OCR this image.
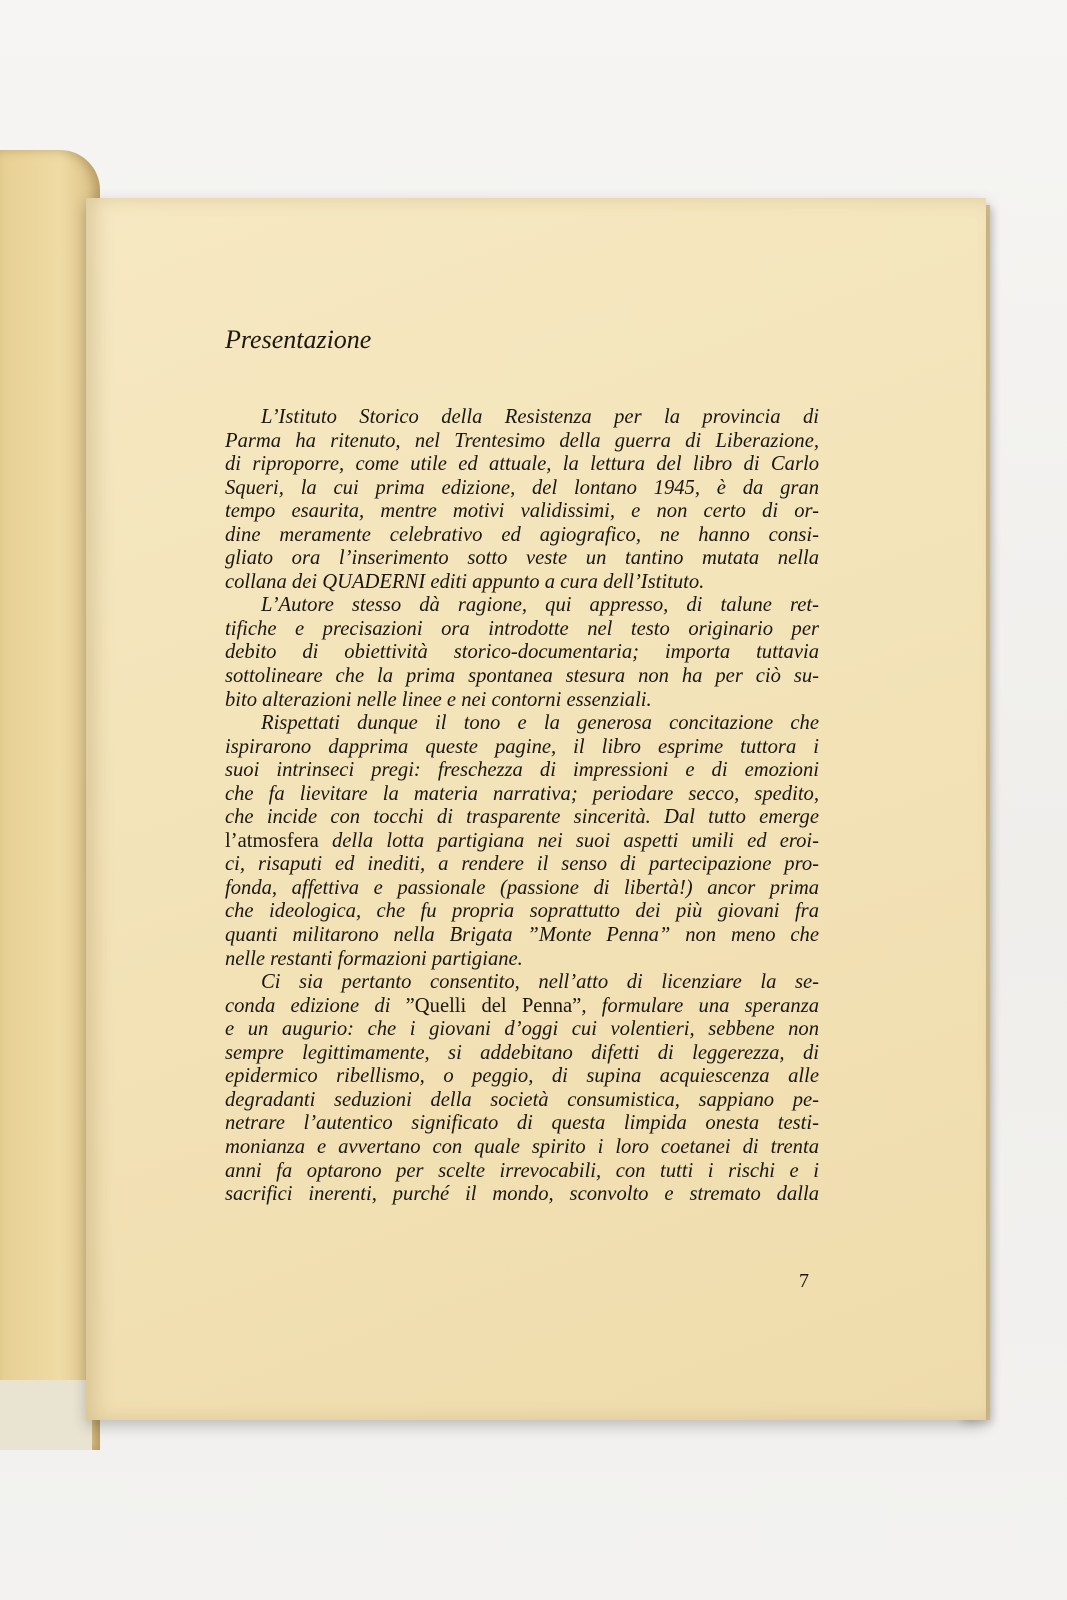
Presentazione
L’Istituto Storico della Resistenza per la provincia di
Parma ha ritenuto, nel Trentesimo della guerra di Liberazione,
di riproporre, come utile ed attuale, la lettura del libro di Carlo
Squeri, la cui prima edizione, del lontano 1945, è da gran
tempo esaurita, mentre motivi validissimi, e non certo di or-
dine meramente celebrativo ed agiografico, ne hanno consi-
gliato ora l’inserimento sotto veste un tantino mutata nella
collana dei QUADERNI editi appunto a cura dell’Istituto.
L’Autore stesso dà ragione, qui appresso, di talune ret-
tifiche e precisazioni ora introdotte nel testo originario per
debito di obiettività storico-documentaria; importa tuttavia
sottolineare che la prima spontanea stesura non ha per ciò su-
bito alterazioni nelle linee e nei contorni essenziali.
Rispettati dunque il tono e la generosa concitazione che
ispirarono dapprima queste pagine, il libro esprime tuttora i
suoi intrinseci pregi: freschezza di impressioni e di emozioni
che fa lievitare la materia narrativa; periodare secco, spedito,
che incide con tocchi di trasparente sincerità. Dal tutto emerge
l’atmosfera della lotta partigiana nei suoi aspetti umili ed eroi-
ci, risaputi ed inediti, a rendere il senso di partecipazione pro-
fonda, affettiva e passionale (passione di libertà!) ancor prima
che ideologica, che fu propria soprattutto dei più giovani fra
quanti militarono nella Brigata ”Monte Penna” non meno che
nelle restanti formazioni partigiane.
Ci sia pertanto consentito, nell’atto di licenziare la se-
conda edizione di ”Quelli del Penna”, formulare una speranza
e un augurio: che i giovani d’oggi cui volentieri, sebbene non
sempre legittimamente, si addebitano difetti di leggerezza, di
epidermico ribellismo, o peggio, di supina acquiescenza alle
degradanti seduzioni della società consumistica, sappiano pe-
netrare l’autentico significato di questa limpida onesta testi-
monianza e avvertano con quale spirito i loro coetanei di trenta
anni fa optarono per scelte irrevocabili, con tutti i rischi e i
sacrifici inerenti, purché il mondo, sconvolto e stremato dalla
7
